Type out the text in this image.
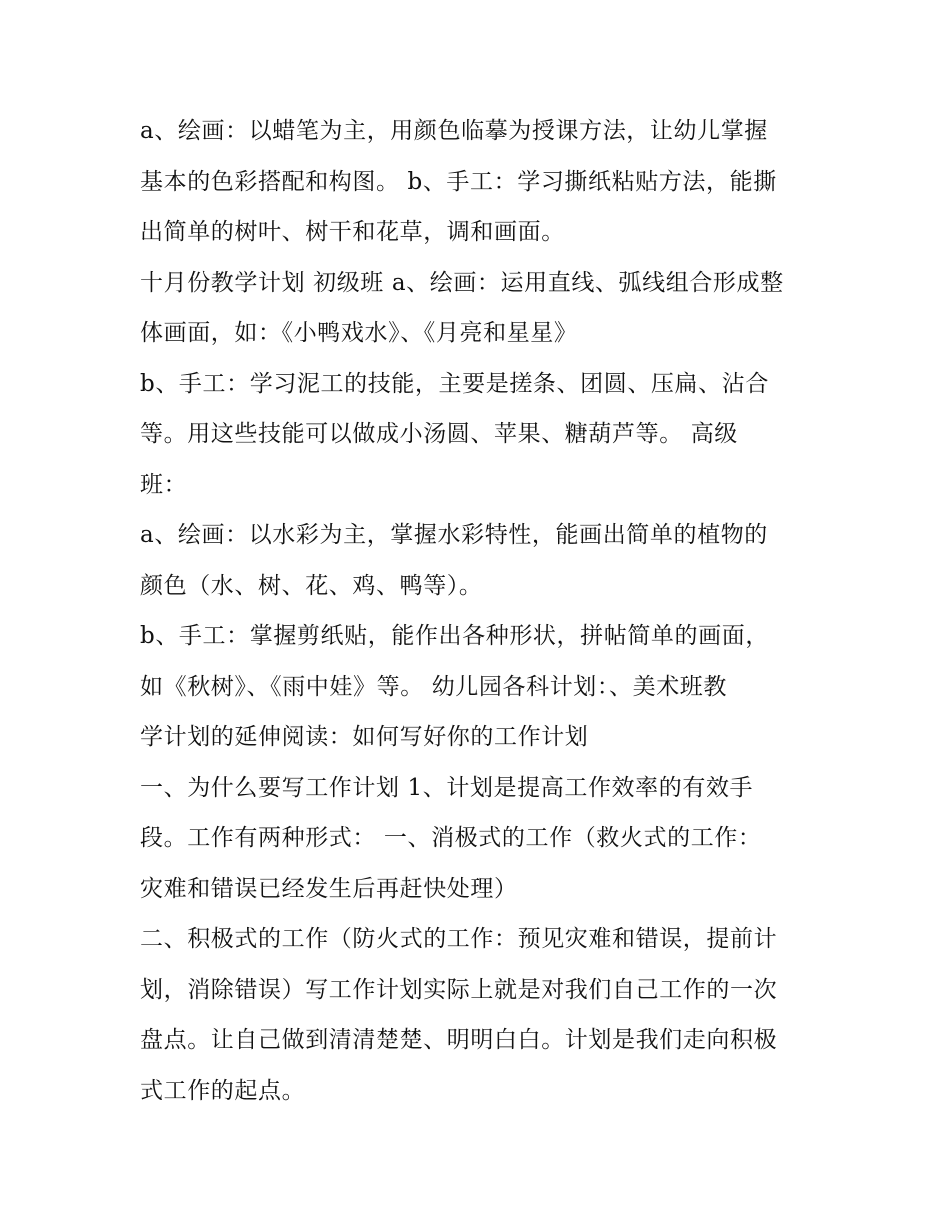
a、绘画：以蜡笔为主，用颜色临摹为授课方法，让幼儿掌握
基本的色彩搭配和构图。 b、手工：学习撕纸粘贴方法，能撕
出简单的树叶、树干和花草，调和画面。

十月份教学计划 初级班 a、绘画：运用直线、弧线组合形成整
体画面，如：《小鸭戏水》、《月亮和星星》

b、手工：学习泥工的技能，主要是搓条、团圆、压扁、沾合
等。用这些技能可以做成小汤圆、苹果、糖葫芦等。 高级
班：

a、绘画：以水彩为主，掌握水彩特性，能画出简单的植物的
颜色（水、树、花、鸡、鸭等）。

b、手工：掌握剪纸贴，能作出各种形状，拼帖简单的画面，
如《秋树》、《雨中娃》等。 幼儿园各科计划：、美术班教
学计划的延伸阅读：如何写好你的工作计划

一、为什么要写工作计划 1、计划是提高工作效率的有效手
段。工作有两种形式： 一、消极式的工作（救火式的工作：
灾难和错误已经发生后再赶快处理）

二、积极式的工作（防火式的工作：预见灾难和错误，提前计
划，消除错误）写工作计划实际上就是对我们自己工作的一次
盘点。让自己做到清清楚楚、明明白白。计划是我们走向积极
式工作的起点。
